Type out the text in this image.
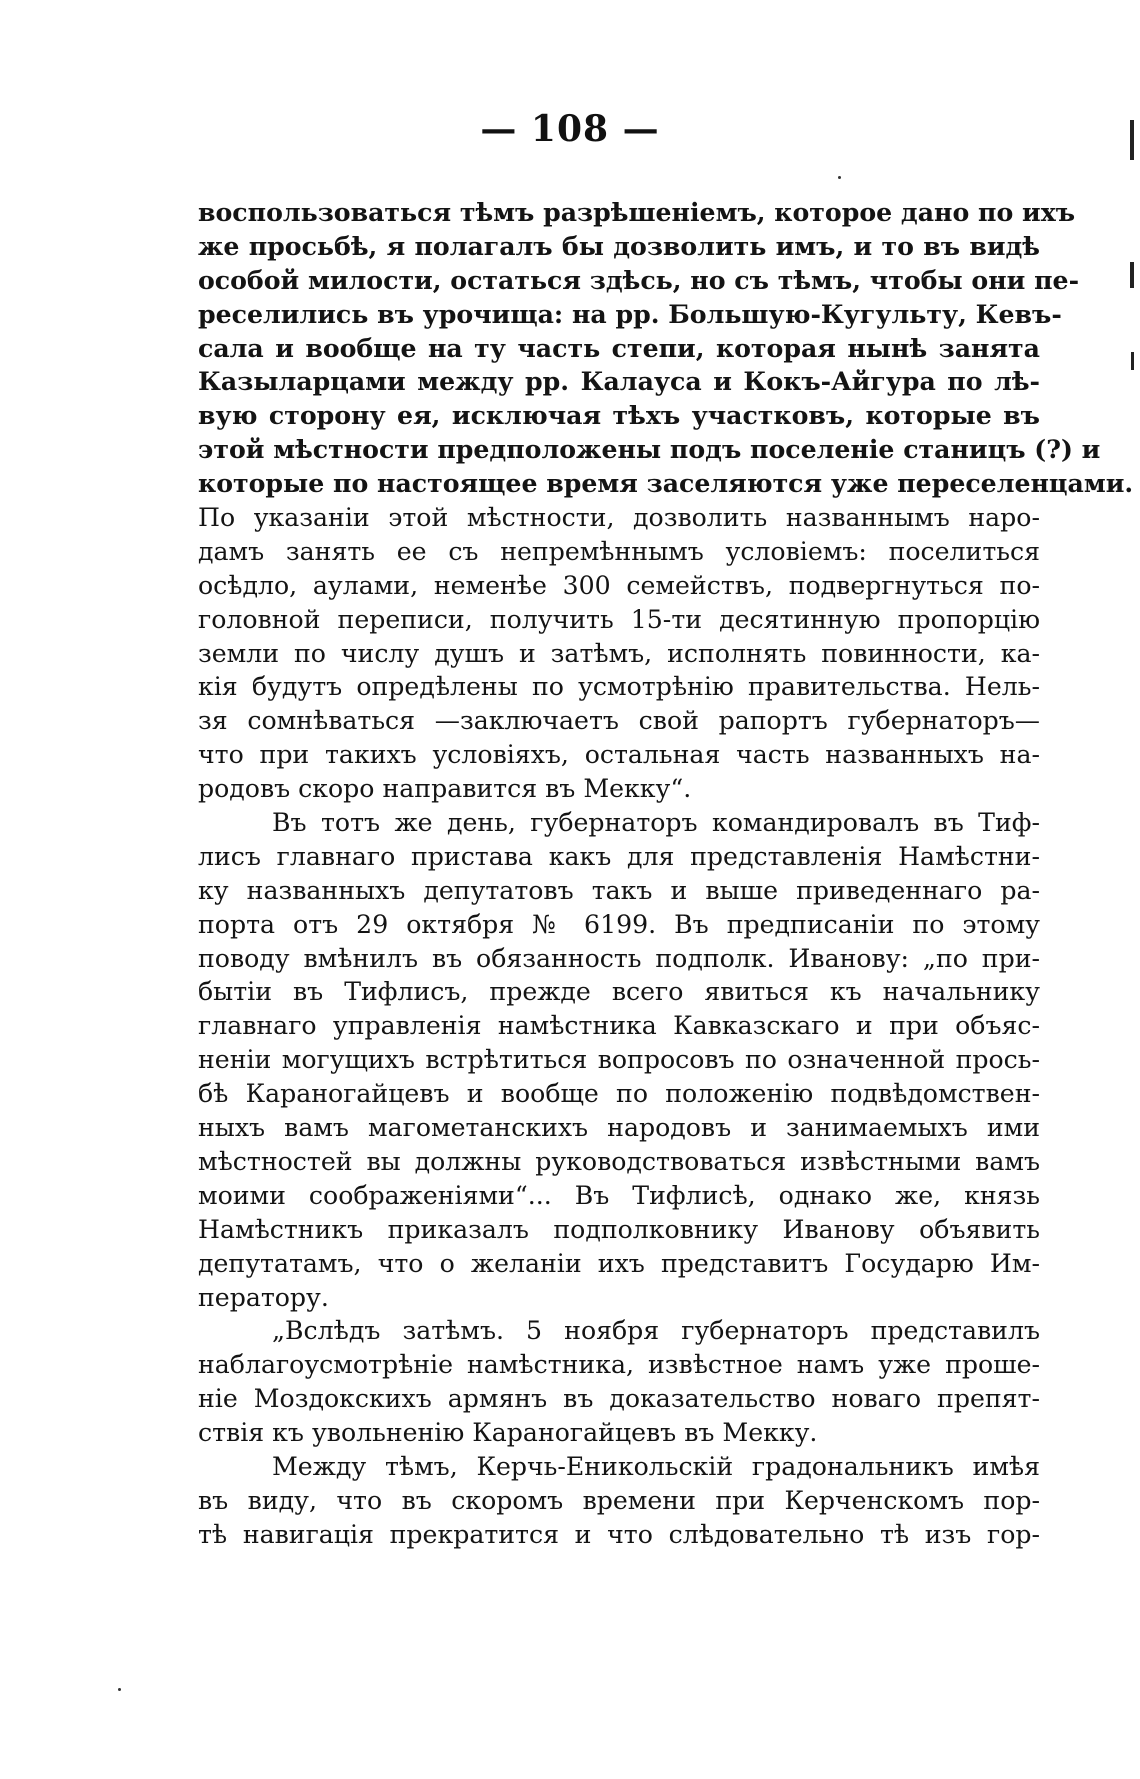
— 108 —
воспользоваться тѣмъ разрѣшеніемъ, которое дано по ихъ
же просьбѣ, я полагалъ бы дозволить имъ, и то въ видѣ
особой милости, остаться здѣсь, но съ тѣмъ, чтобы они пе-
реселились въ урочища: на рр. Большую-Кугульту, Кевъ-
сала и вообще на ту часть степи, которая нынѣ занята
Казыларцами между рр. Калауса и Кокъ-Айгура по лѣ-
вую сторону ея, исключая тѣхъ участковъ, которые въ
этой мѣстности предположены подъ поселеніе станицъ (?) и
которые по настоящее время заселяются уже переселенцами.
По указаніи этой мѣстности, дозволить названнымъ наро-
дамъ занять ее съ непремѣннымъ условіемъ: поселиться
осѣдло, аулами, неменѣе 300 семействъ, подвергнуться по-
головной переписи, получить 15-ти десятинную пропорцію
земли по числу душъ и затѣмъ, исполнять повинности, ка-
кія будутъ опредѣлены по усмотрѣнію правительства. Нель-
зя сомнѣваться —заключаетъ свой рапортъ губернаторъ—
что при такихъ условіяхъ, остальная часть названныхъ на-
родовъ скоро направится въ Мекку“.
Въ тотъ же день, губернаторъ командировалъ въ Тиф-
лисъ главнаго пристава какъ для представленія Намѣстни-
ку названныхъ депутатовъ такъ и выше приведеннаго ра-
порта отъ 29 октября № 6199. Въ предписаніи по этому
поводу вмѣнилъ въ обязанность подполк. Иванову: „по при-
бытіи въ Тифлисъ, прежде всего явиться къ начальнику
главнаго управленія намѣстника Кавказскаго и при объяс-
неніи могущихъ встрѣтиться вопросовъ по означенной прось-
бѣ Караногайцевъ и вообще по положенію подвѣдомствен-
ныхъ вамъ магометанскихъ народовъ и занимаемыхъ ими
мѣстностей вы должны руководствоваться извѣстными вамъ
моими соображеніями“... Въ Тифлисѣ, однако же, князь
Намѣстникъ приказалъ подполковнику Иванову объявить
депутатамъ, что о желаніи ихъ представитъ Государю Им-
ператору.
„Вслѣдъ затѣмъ. 5 ноября губернаторъ представилъ
наблагоусмотрѣніе намѣстника, извѣстное намъ уже проше-
ніе Моздокскихъ армянъ въ доказательство новаго препят-
ствія къ увольненію Караногайцевъ въ Мекку.
Между тѣмъ, Керчь-Еникольскій градональникъ имѣя
въ виду, что въ скоромъ времени при Керченскомъ пор-
тѣ навигація прекратится и что слѣдовательно тѣ изъ гор-
